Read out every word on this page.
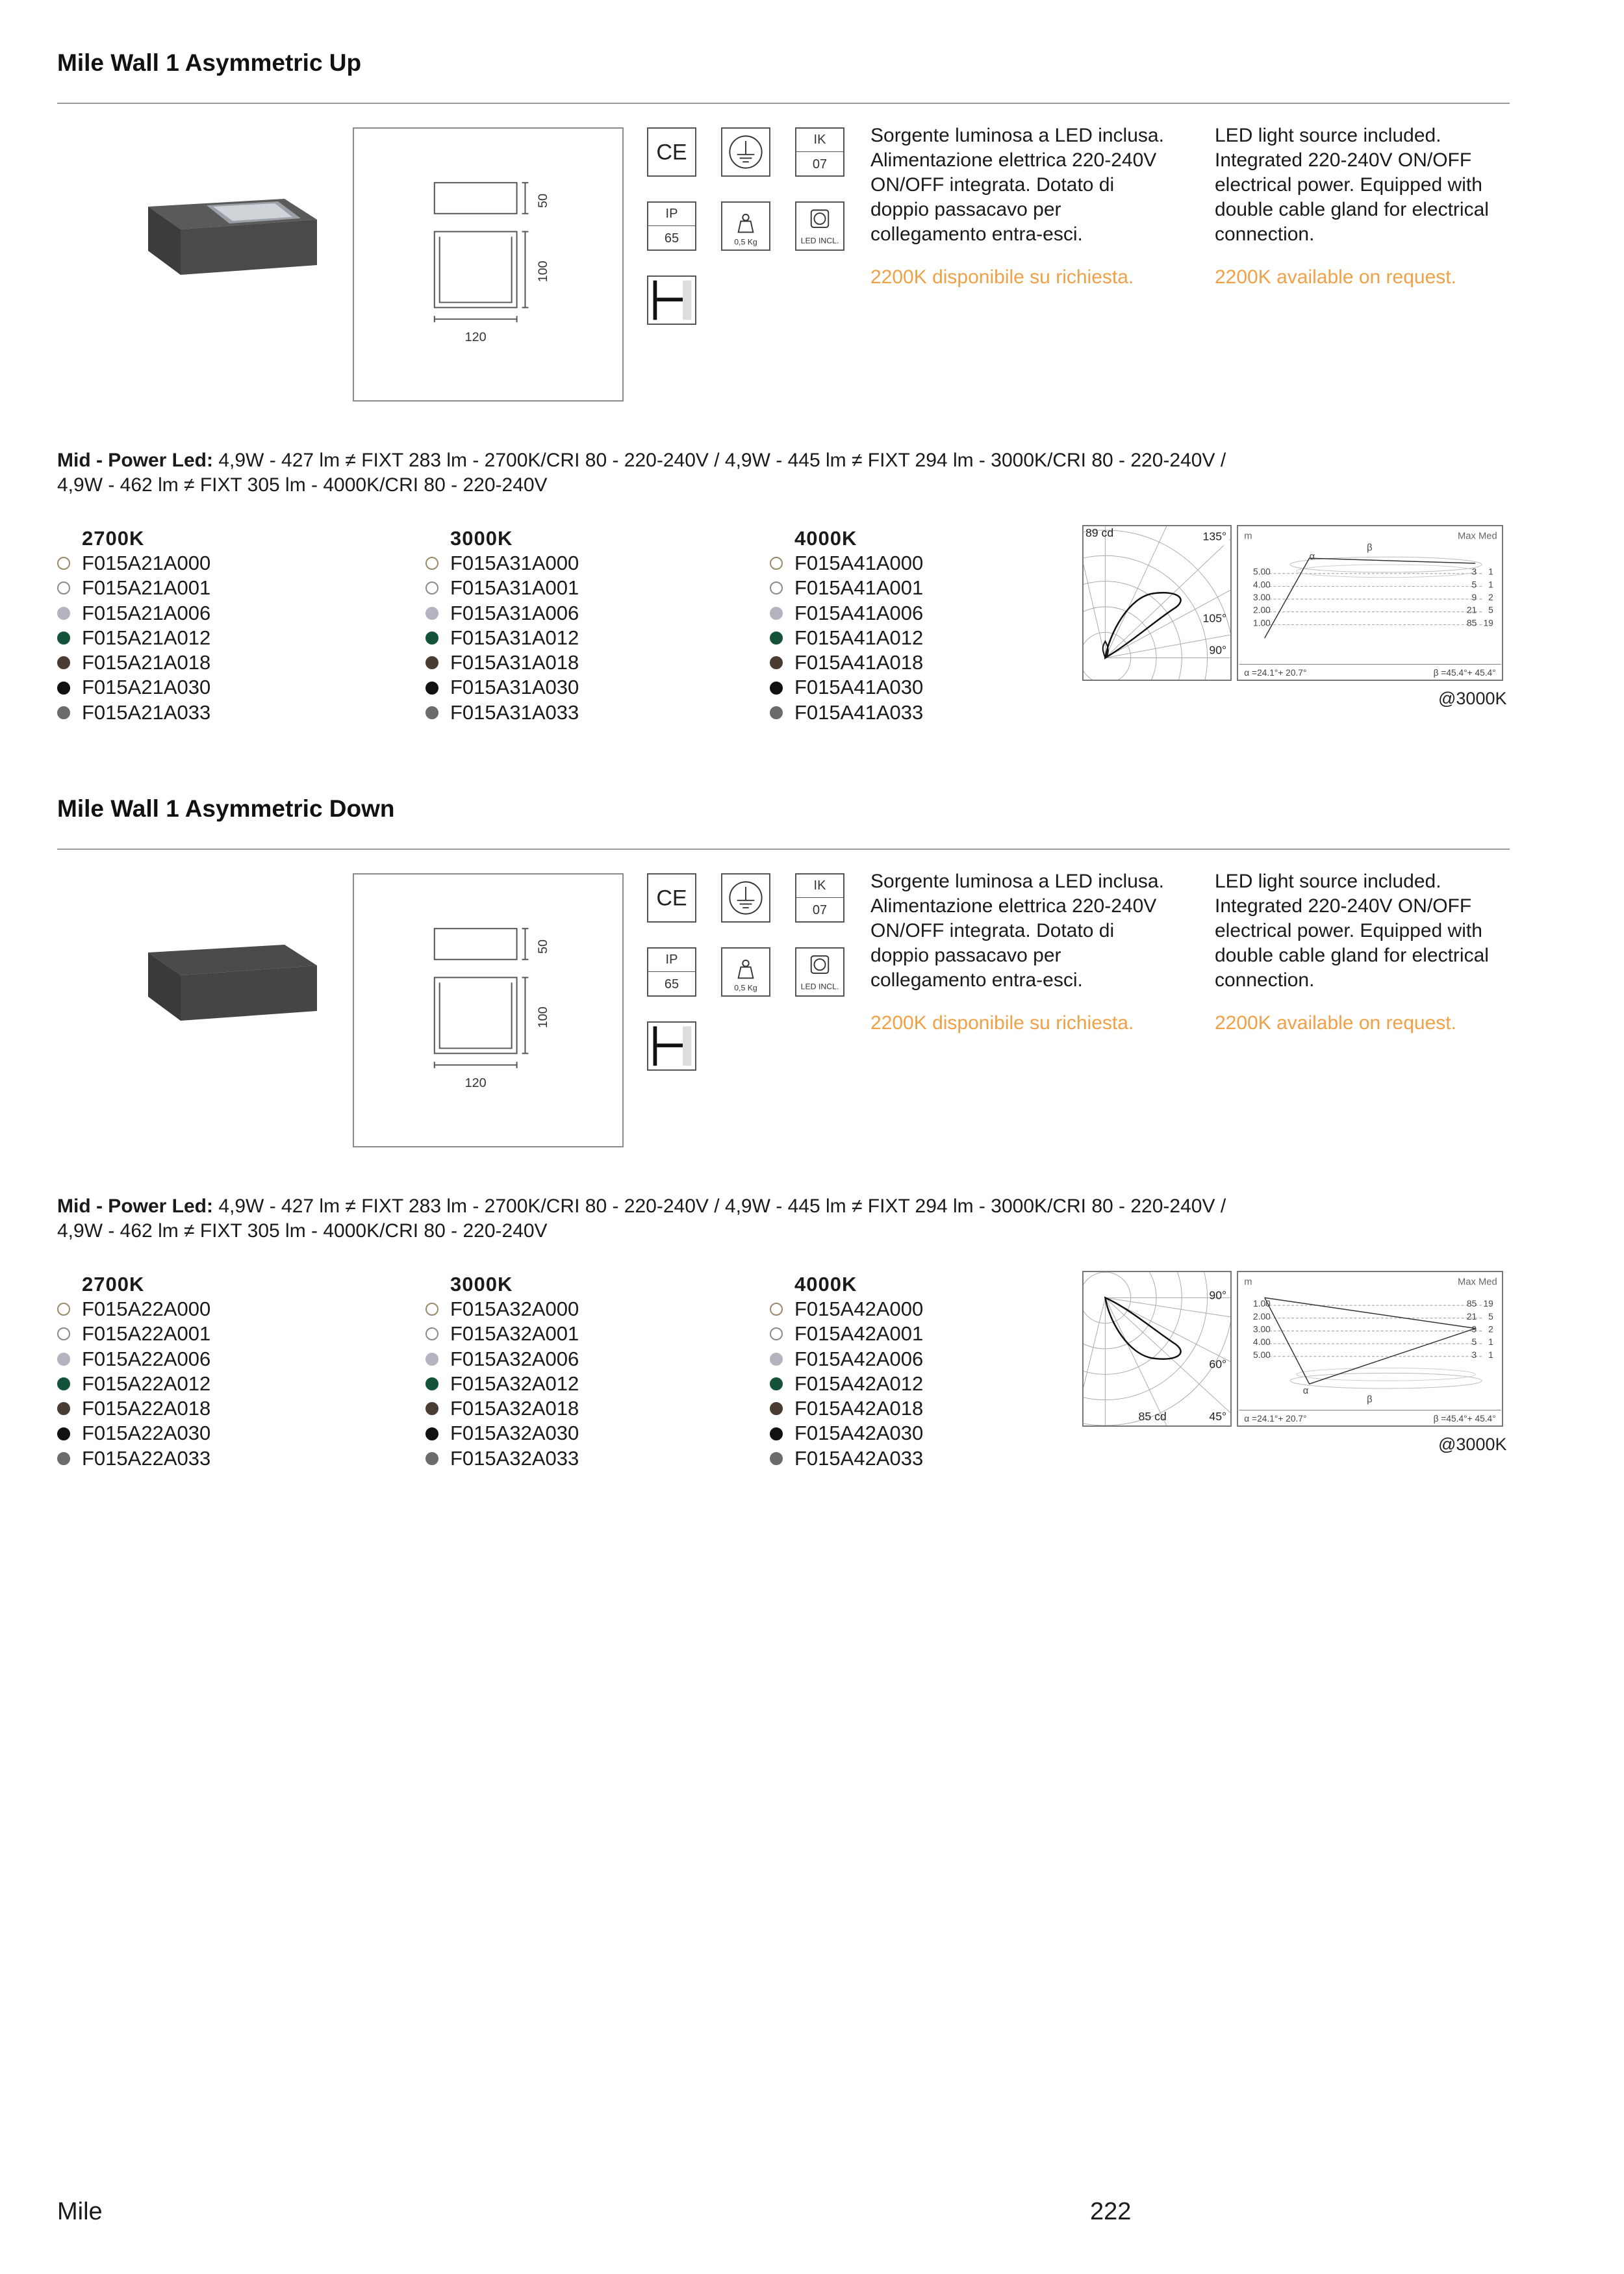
Mile Wall 1 Asymmetric Up
50
100
120
CE
IK
07
IP
65	0,5 Kg	LED INCL.
Sorgente luminosa a LED inclusa. Alimentazione elettrica 220-240V ON/OFF integrata. Dotato di doppio passacavo per collegamento entra-esci.
2200K disponibile su richiesta.
LED light source included. Integrated 220-240V ON/OFF electrical power. Equipped with double cable gland for electrical connection.
2200K available on request.
Mid - Power Led: 4,9W - 427 lm ≠ FIXT 283 lm - 2700K/CRI 80 - 220-240V / 4,9W - 445 lm ≠ FIXT 294 lm - 3000K/CRI 80 - 220-240V /
4,9W - 462 lm ≠ FIXT 305 lm - 4000K/CRI 80 - 220-240V
2700K
F015A21A000
F015A21A001
F015A21A006
F015A21A012
F015A21A018
F015A21A030
F015A21A033
3000K
F015A31A000
F015A31A001
F015A31A006
F015A31A012
F015A31A018
F015A31A030
F015A31A033
4000K
F015A41A000
F015A41A001
F015A41A006
F015A41A012
F015A41A018
F015A41A030
F015A41A033
89 cd	135°
105°
90°
m	Max Med
β
α
5.00	3 1
4.00	5 1
3.00	9 2
2.00	21 5
1.00	85 19
α =24.1°+ 20.7°	β =45.4°+ 45.4°
@3000K
Mile Wall 1 Asymmetric Down
50
100
120
CE
IK
07
IP
65	0,5 Kg	LED INCL.
Sorgente luminosa a LED inclusa. Alimentazione elettrica 220-240V ON/OFF integrata. Dotato di doppio passacavo per collegamento entra-esci.
2200K disponibile su richiesta.
LED light source included. Integrated 220-240V ON/OFF electrical power. Equipped with double cable gland for electrical connection.
2200K available on request.
Mid - Power Led: 4,9W - 427 lm ≠ FIXT 283 lm - 2700K/CRI 80 - 220-240V / 4,9W - 445 lm ≠ FIXT 294 lm - 3000K/CRI 80 - 220-240V /
4,9W - 462 lm ≠ FIXT 305 lm - 4000K/CRI 80 - 220-240V
2700K
F015A22A000
F015A22A001
F015A22A006
F015A22A012
F015A22A018
F015A22A030
F015A22A033
3000K
F015A32A000
F015A32A001
F015A32A006
F015A32A012
F015A32A018
F015A32A030
F015A32A033
4000K
F015A42A000
F015A42A001
F015A42A006
F015A42A012
F015A42A018
F015A42A030
F015A42A033
85 cd
90°
60°
45°
m	Max Med
1.00	85 19
2.00	21 5
3.00	9 2
4.00	5 1
5.00	3 1
α
β
α =24.1°+ 20.7°	β =45.4°+ 45.4°
@3000K
Mile	222
